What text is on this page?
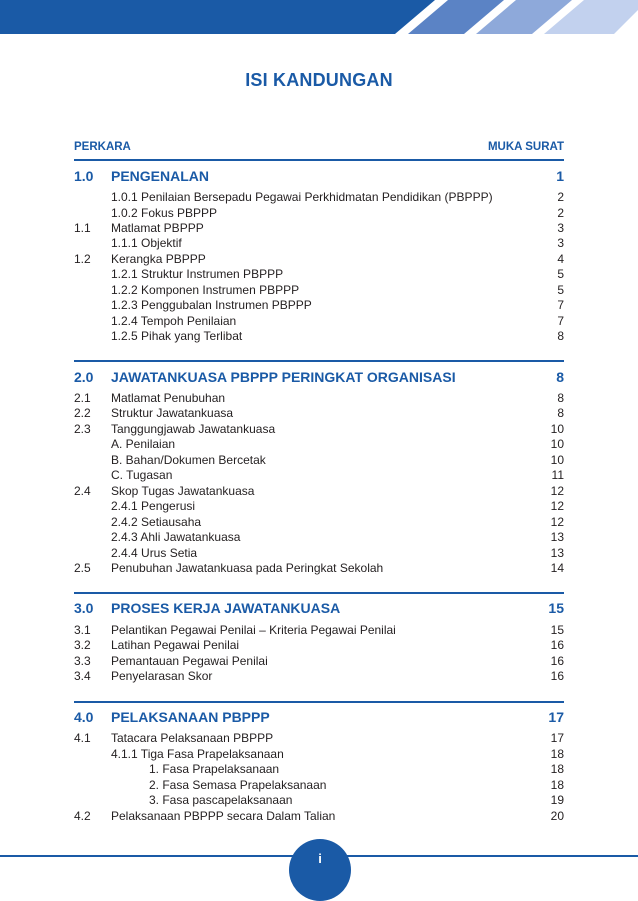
ISI KANDUNGAN
PERKARA	MUKA SURAT
1.0 PENGENALAN	1
1.0.1 Penilaian Bersepadu Pegawai Perkhidmatan Pendidikan (PBPPP)	2
1.0.2 Fokus PBPPP	2
1.1 Matlamat PBPPP	3
1.1.1 Objektif	3
1.2 Kerangka PBPPP	4
1.2.1 Struktur Instrumen PBPPP	5
1.2.2 Komponen Instrumen PBPPP	5
1.2.3 Penggubalan Instrumen PBPPP	7
1.2.4 Tempoh Penilaian	7
1.2.5 Pihak yang Terlibat	8
2.0 JAWATANKUASA PBPPP PERINGKAT ORGANISASI	8
2.1 Matlamat Penubuhan	8
2.2 Struktur Jawatankuasa	8
2.3 Tanggungjawab Jawatankuasa	10
A. Penilaian	10
B. Bahan/Dokumen Bercetak	10
C. Tugasan	11
2.4 Skop Tugas Jawatankuasa	12
2.4.1 Pengerusi	12
2.4.2 Setiausaha	12
2.4.3 Ahli Jawatankuasa	13
2.4.4 Urus Setia	13
2.5 Penubuhan Jawatankuasa pada Peringkat Sekolah	14
3.0 PROSES KERJA JAWATANKUASA	15
3.1 Pelantikan Pegawai Penilai – Kriteria Pegawai Penilai	15
3.2 Latihan Pegawai Penilai	16
3.3 Pemantauan Pegawai Penilai	16
3.4 Penyelarasan Skor	16
4.0 PELAKSANAAN PBPPP	17
4.1 Tatacara Pelaksanaan PBPPP	17
4.1.1 Tiga Fasa Prapelaksanaan	18
1. Fasa Prapelaksanaan	18
2. Fasa Semasa Prapelaksanaan	18
3. Fasa pascapelaksanaan	19
4.2 Pelaksanaan PBPPP secara Dalam Talian	20
i
